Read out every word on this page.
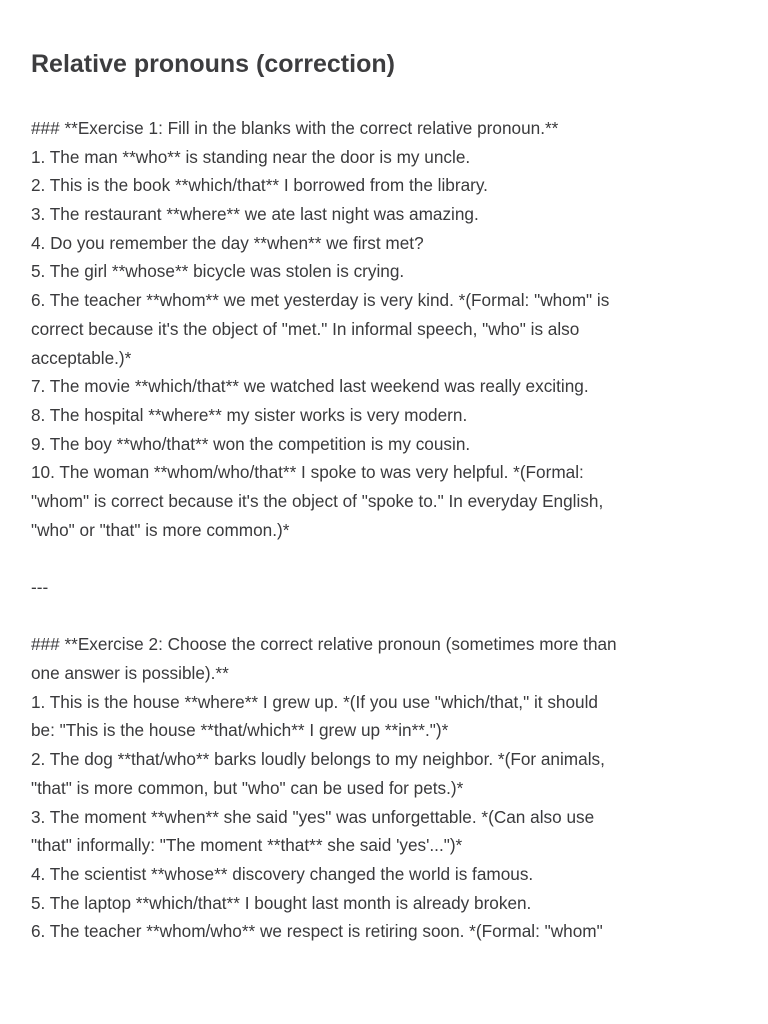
Relative pronouns (correction)
### **Exercise 1: Fill in the blanks with the correct relative pronoun.**
1. The man **who** is standing near the door is my uncle.
2. This is the book **which/that** I borrowed from the library.
3. The restaurant **where** we ate last night was amazing.
4. Do you remember the day **when** we first met?
5. The girl **whose** bicycle was stolen is crying.
6. The teacher **whom** we met yesterday is very kind. *(Formal: "whom" is
correct because it's the object of "met." In informal speech, "who" is also
acceptable.)*
7. The movie **which/that** we watched last weekend was really exciting.
8. The hospital **where** my sister works is very modern.
9. The boy **who/that** won the competition is my cousin.
10. The woman **whom/who/that** I spoke to was very helpful. *(Formal:
"whom" is correct because it's the object of "spoke to." In everyday English,
"who" or "that" is more common.)*
---
### **Exercise 2: Choose the correct relative pronoun (sometimes more than
one answer is possible).**
1. This is the house **where** I grew up. *(If you use "which/that," it should
be: "This is the house **that/which** I grew up **in**.")*
2. The dog **that/who** barks loudly belongs to my neighbor. *(For animals,
"that" is more common, but "who" can be used for pets.)*
3. The moment **when** she said "yes" was unforgettable. *(Can also use
"that" informally: "The moment **that** she said 'yes'...")*
4. The scientist **whose** discovery changed the world is famous.
5. The laptop **which/that** I bought last month is already broken.
6. The teacher **whom/who** we respect is retiring soon. *(Formal: "whom"
